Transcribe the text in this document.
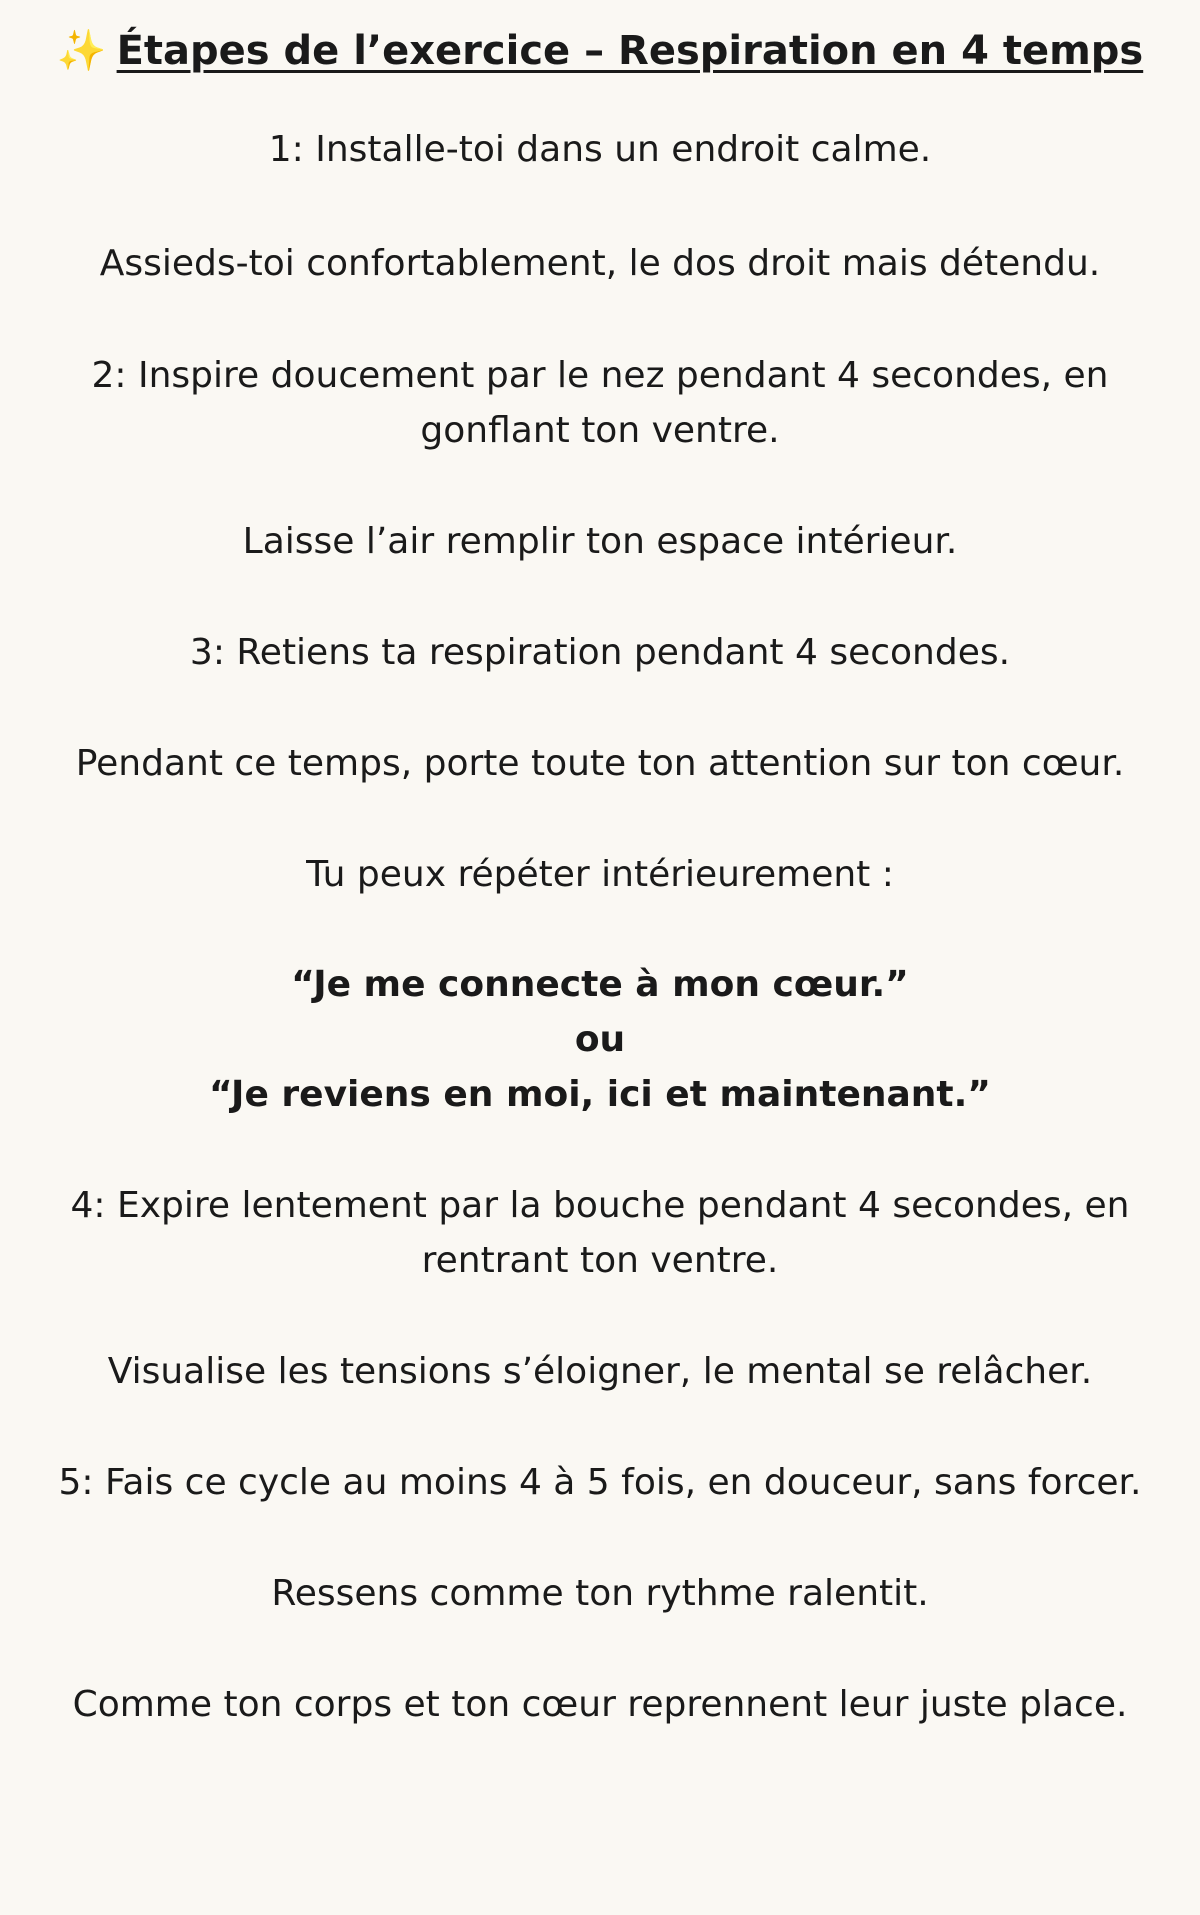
✨ Étapes de l’exercice – Respiration en 4 temps
1: Installe-toi dans un endroit calme.
Assieds-toi confortablement, le dos droit mais détendu.
2: Inspire doucement par le nez pendant 4 secondes, en
gonflant ton ventre.
Laisse l’air remplir ton espace intérieur.
3: Retiens ta respiration pendant 4 secondes.
Pendant ce temps, porte toute ton attention sur ton cœur.
Tu peux répéter intérieurement :
“Je me connecte à mon cœur.”
ou
“Je reviens en moi, ici et maintenant.”
4: Expire lentement par la bouche pendant 4 secondes, en
rentrant ton ventre.
Visualise les tensions s’éloigner, le mental se relâcher.
5: Fais ce cycle au moins 4 à 5 fois, en douceur, sans forcer.
Ressens comme ton rythme ralentit.
Comme ton corps et ton cœur reprennent leur juste place.
